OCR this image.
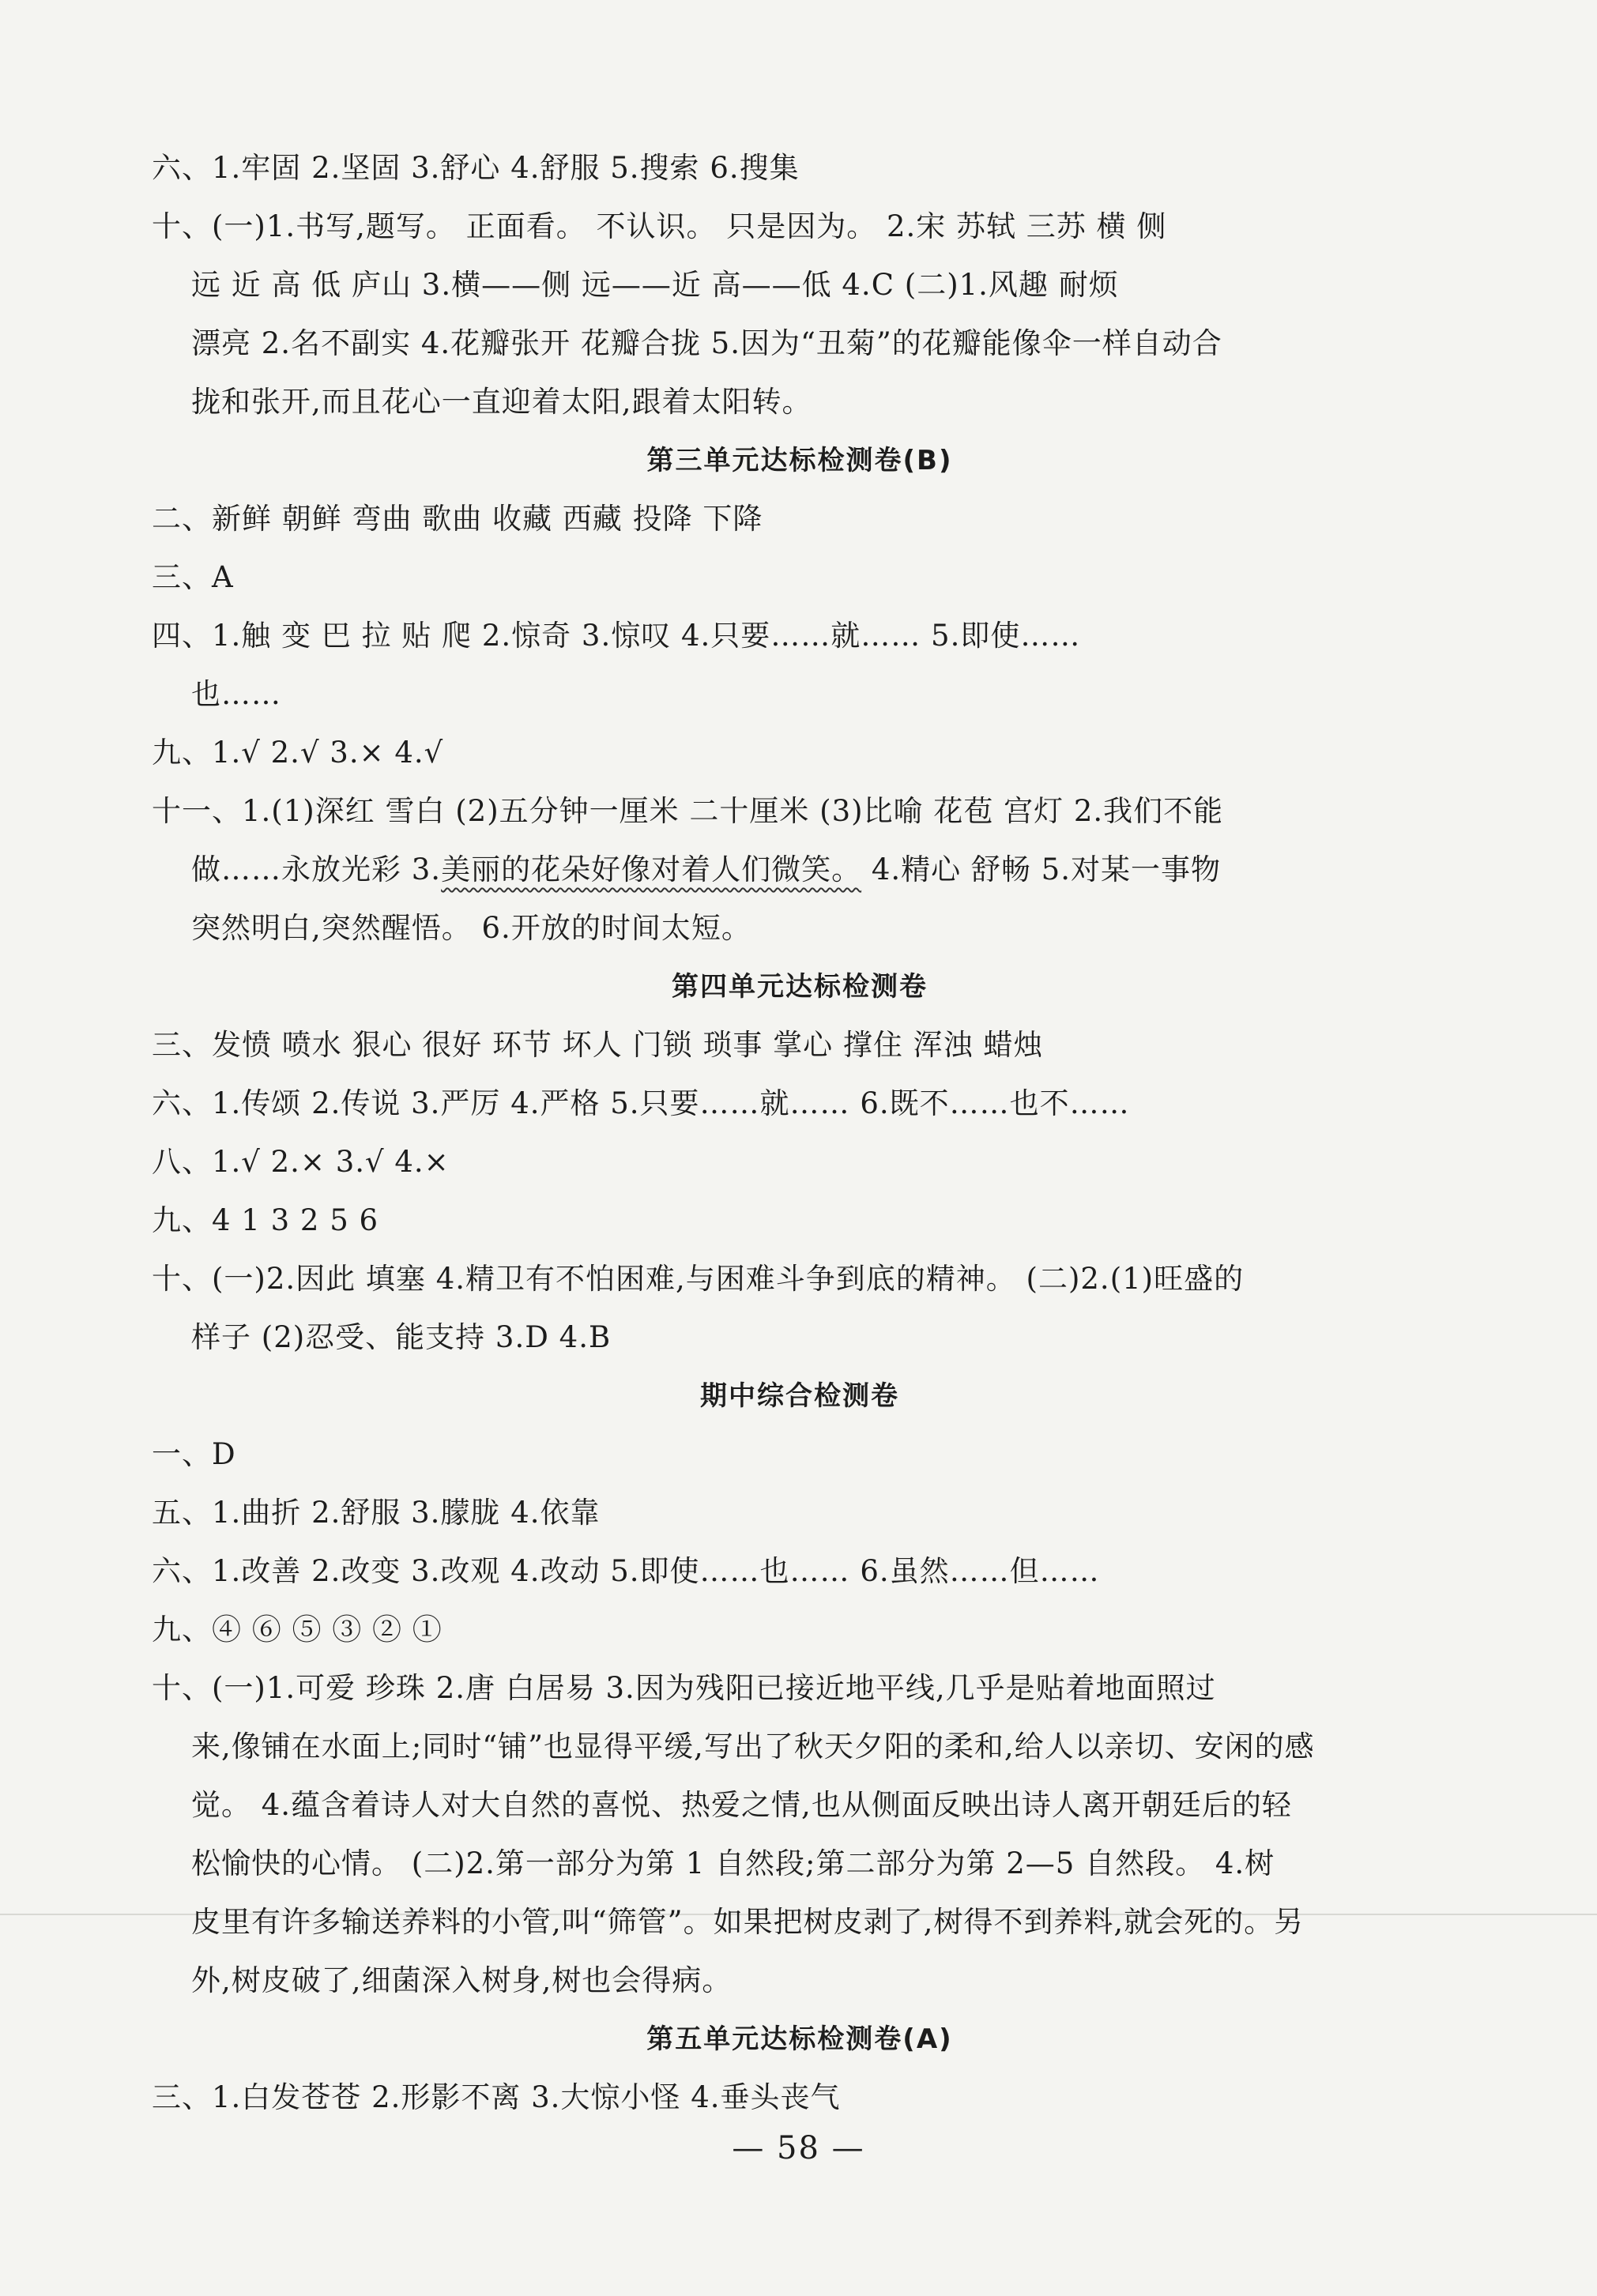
六、1.牢固 2.坚固 3.舒心 4.舒服 5.搜索 6.搜集
十、(一)1.书写,题写。 正面看。 不认识。 只是因为。 2.宋 苏轼 三苏 横 侧
远 近 高 低 庐山 3.横——侧 远——近 高——低 4.C (二)1.风趣 耐烦
漂亮 2.名不副实 4.花瓣张开 花瓣合拢 5.因为“丑菊”的花瓣能像伞一样自动合
拢和张开,而且花心一直迎着太阳,跟着太阳转。
第三单元达标检测卷(B)
二、新鲜 朝鲜 弯曲 歌曲 收藏 西藏 投降 下降
三、A
四、1.触 变 巴 拉 贴 爬 2.惊奇 3.惊叹 4.只要……就…… 5.即使……
也……
九、1.√ 2.√ 3.× 4.√
十一、1.(1)深红 雪白 (2)五分钟一厘米 二十厘米 (3)比喻 花苞 宫灯 2.我们不能
做……永放光彩 3.美丽的花朵好像对着人们微笑。 4.精心 舒畅 5.对某一事物
突然明白,突然醒悟。 6.开放的时间太短。
第四单元达标检测卷
三、发愤 喷水 狠心 很好 环节 坏人 门锁 琐事 掌心 撑住 浑浊 蜡烛
六、1.传颂 2.传说 3.严厉 4.严格 5.只要……就…… 6.既不……也不……
八、1.√ 2.× 3.√ 4.×
九、4 1 3 2 5 6
十、(一)2.因此 填塞 4.精卫有不怕困难,与困难斗争到底的精神。 (二)2.(1)旺盛的
样子 (2)忍受、能支持 3.D 4.B
期中综合检测卷
一、D
五、1.曲折 2.舒服 3.朦胧 4.依靠
六、1.改善 2.改变 3.改观 4.改动 5.即使……也…… 6.虽然……但……
九、④ ⑥ ⑤ ③ ② ①
十、(一)1.可爱 珍珠 2.唐 白居易 3.因为残阳已接近地平线,几乎是贴着地面照过
来,像铺在水面上;同时“铺”也显得平缓,写出了秋天夕阳的柔和,给人以亲切、安闲的感
觉。 4.蕴含着诗人对大自然的喜悦、热爱之情,也从侧面反映出诗人离开朝廷后的轻
松愉快的心情。 (二)2.第一部分为第 1 自然段;第二部分为第 2—5 自然段。 4.树
皮里有许多输送养料的小管,叫“筛管”。如果把树皮剥了,树得不到养料,就会死的。另
外,树皮破了,细菌深入树身,树也会得病。
第五单元达标检测卷(A)
三、1.白发苍苍 2.形影不离 3.大惊小怪 4.垂头丧气
— 58 —
